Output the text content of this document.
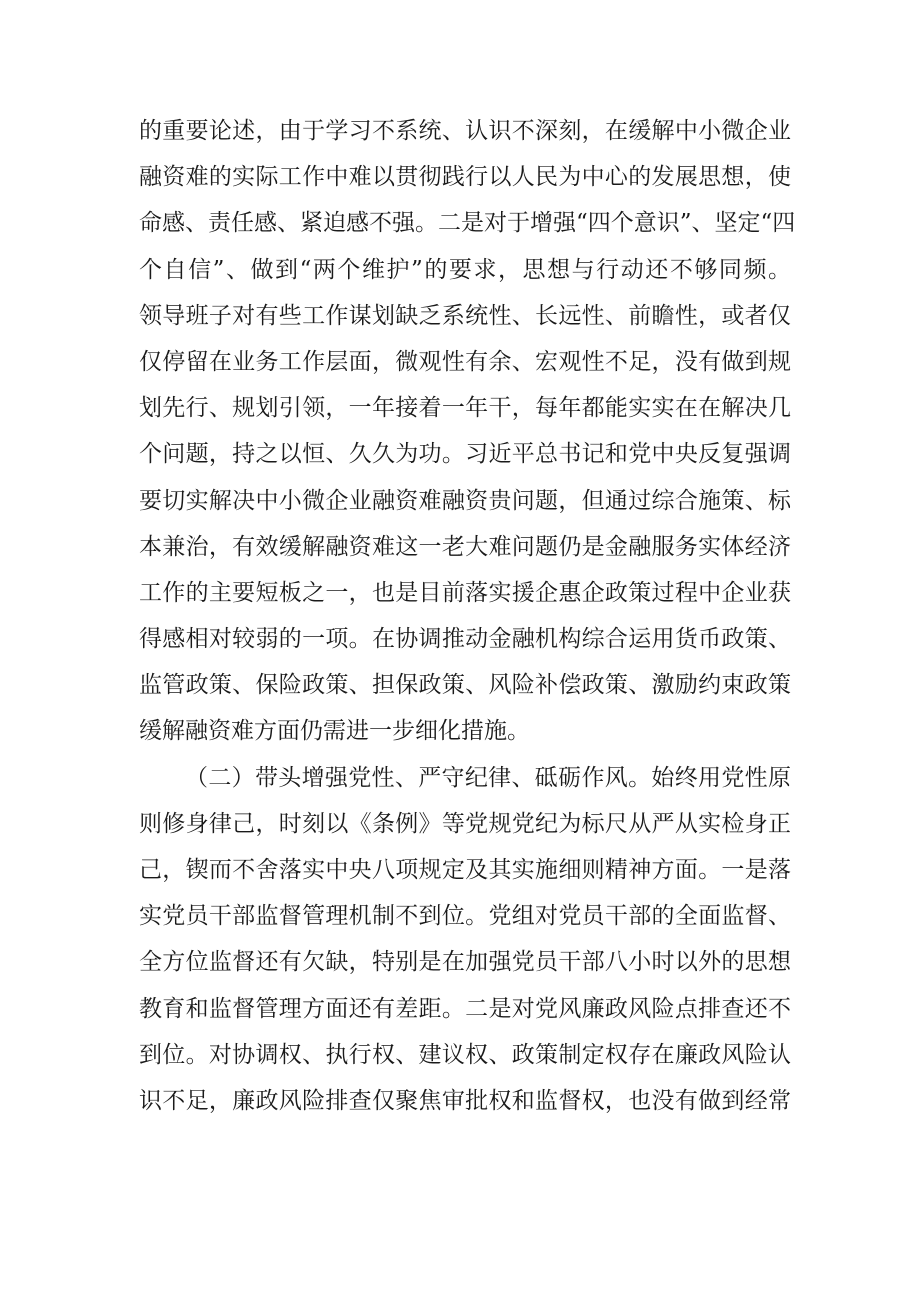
的重要论述，由于学习不系统、认识不深刻，在缓解中小微企业
融资难的实际工作中难以贯彻践行以人民为中心的发展思想，使
命感、责任感、紧迫感不强。二是对于增强“四个意识”、坚定“四
个自信”、做到“两个维护”的要求，思想与行动还不够同频。
领导班子对有些工作谋划缺乏系统性、长远性、前瞻性，或者仅
仅停留在业务工作层面，微观性有余、宏观性不足，没有做到规
划先行、规划引领，一年接着一年干，每年都能实实在在解决几
个问题，持之以恒、久久为功。习近平总书记和党中央反复强调
要切实解决中小微企业融资难融资贵问题，但通过综合施策、标
本兼治，有效缓解融资难这一老大难问题仍是金融服务实体经济
工作的主要短板之一，也是目前落实援企惠企政策过程中企业获
得感相对较弱的一项。在协调推动金融机构综合运用货币政策、
监管政策、保险政策、担保政策、风险补偿政策、激励约束政策
缓解融资难方面仍需进一步细化措施。
（二）带头增强党性、严守纪律、砥砺作风。始终用党性原
则修身律己，时刻以《条例》等党规党纪为标尺从严从实检身正
己，锲而不舍落实中央八项规定及其实施细则精神方面。一是落
实党员干部监督管理机制不到位。党组对党员干部的全面监督、
全方位监督还有欠缺，特别是在加强党员干部八小时以外的思想
教育和监督管理方面还有差距。二是对党风廉政风险点排查还不
到位。对协调权、执行权、建议权、政策制定权存在廉政风险认
识不足，廉政风险排查仅聚焦审批权和监督权，也没有做到经常
